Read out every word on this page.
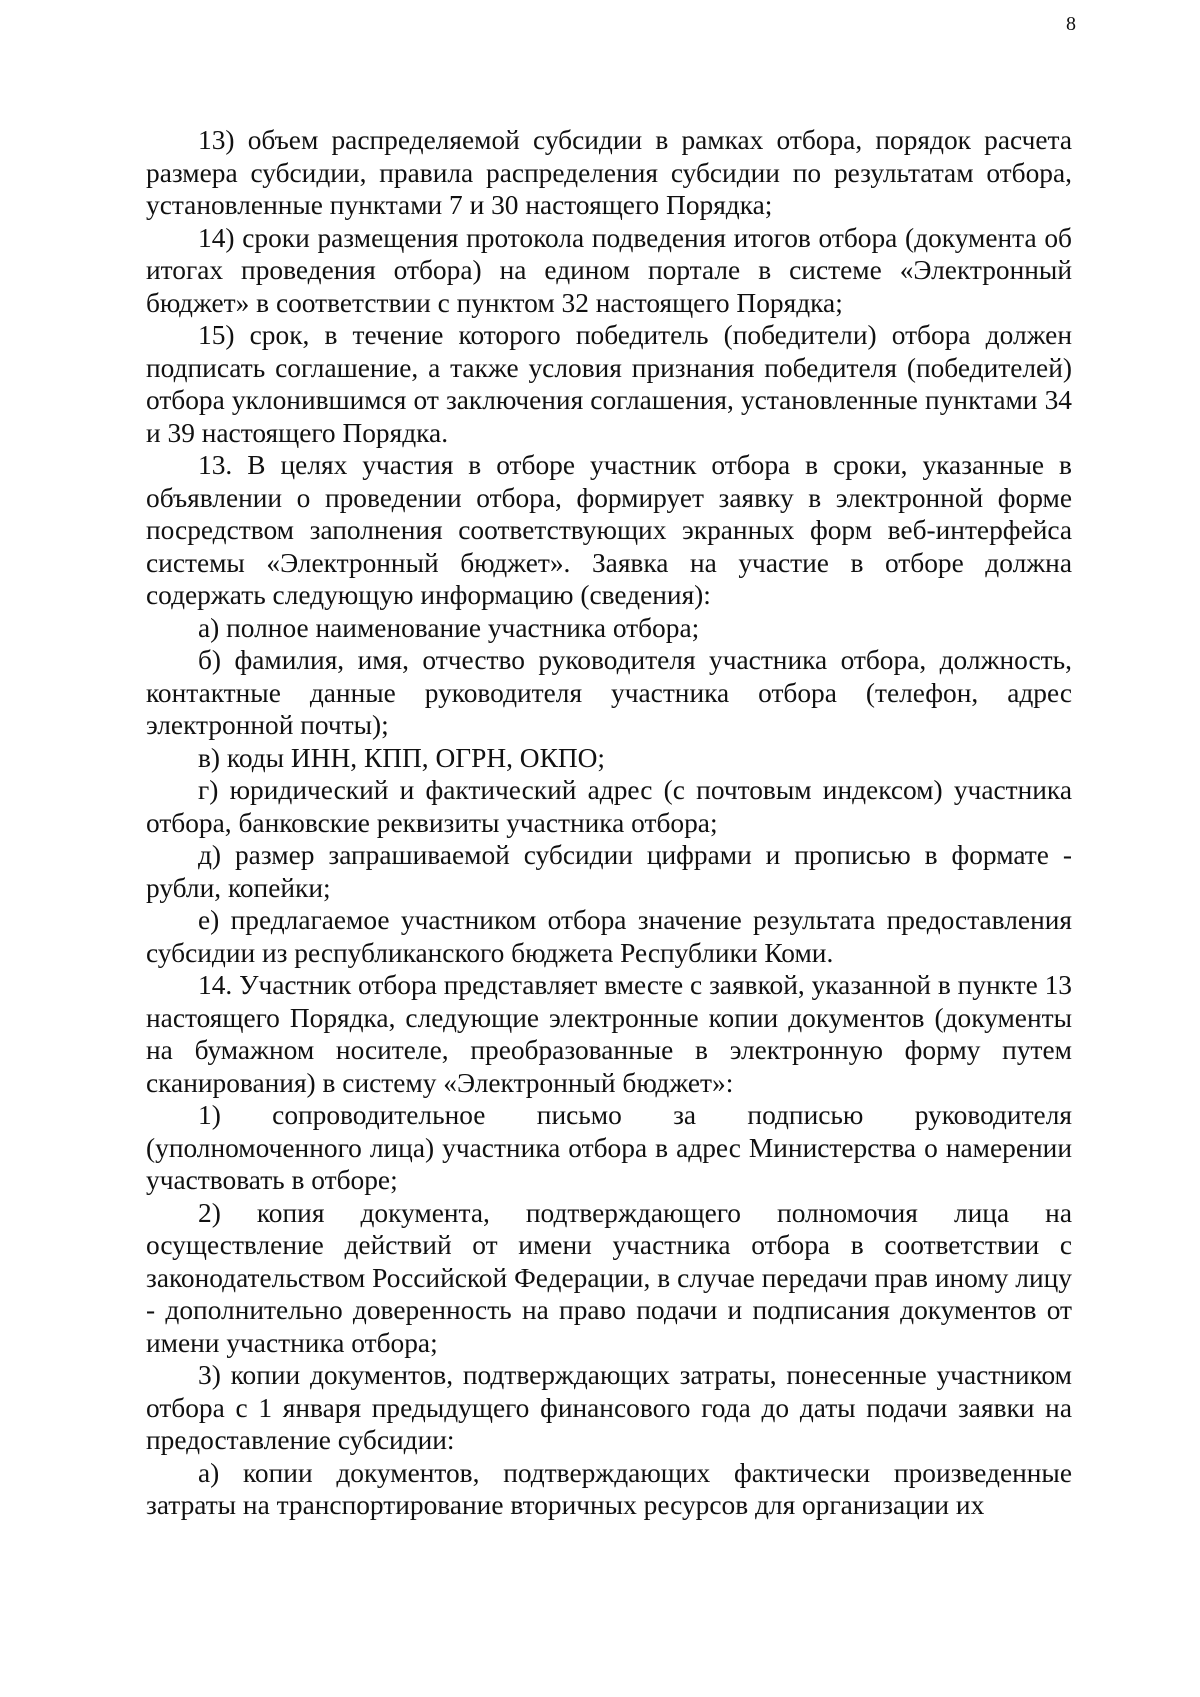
8

13) объем распределяемой субсидии в рамках отбора, порядок расчета размера субсидии, правила распределения субсидии по результатам отбора, установленные пунктами 7 и 30 настоящего Порядка;

14) сроки размещения протокола подведения итогов отбора (документа об итогах проведения отбора) на едином портале в системе «Электронный бюджет» в соответствии с пунктом 32 настоящего Порядка;

15) срок, в течение которого победитель (победители) отбора должен подписать соглашение, а также условия признания победителя (победителей) отбора уклонившимся от заключения соглашения, установленные пунктами 34 и 39 настоящего Порядка.

13. В целях участия в отборе участник отбора в сроки, указанные в объявлении о проведении отбора, формирует заявку в электронной форме посредством заполнения соответствующих экранных форм веб-интерфейса системы «Электронный бюджет». Заявка на участие в отборе должна содержать следующую информацию (сведения):

а) полное наименование участника отбора;

б) фамилия, имя, отчество руководителя участника отбора, должность, контактные данные руководителя участника отбора (телефон, адрес электронной почты);

в) коды ИНН, КПП, ОГРН, ОКПО;

г) юридический и фактический адрес (с почтовым индексом) участника отбора, банковские реквизиты участника отбора;

д) размер запрашиваемой субсидии цифрами и прописью в формате - рубли, копейки;

е) предлагаемое участником отбора значение результата предоставления субсидии из республиканского бюджета Республики Коми.

14. Участник отбора представляет вместе с заявкой, указанной в пункте 13 настоящего Порядка, следующие электронные копии документов (документы на бумажном носителе, преобразованные в электронную форму путем сканирования) в систему «Электронный бюджет»:

1) сопроводительное письмо за подписью руководителя (уполномоченного лица) участника отбора в адрес Министерства о намерении участвовать в отборе;

2) копия документа, подтверждающего полномочия лица на осуществление действий от имени участника отбора в соответствии с законодательством Российской Федерации, в случае передачи прав иному лицу - дополнительно доверенность на право подачи и подписания документов от имени участника отбора;

3) копии документов, подтверждающих затраты, понесенные участником отбора с 1 января предыдущего финансового года до даты подачи заявки на предоставление субсидии:

а) копии документов, подтверждающих фактически произведенные затраты на транспортирование вторичных ресурсов для организации их
